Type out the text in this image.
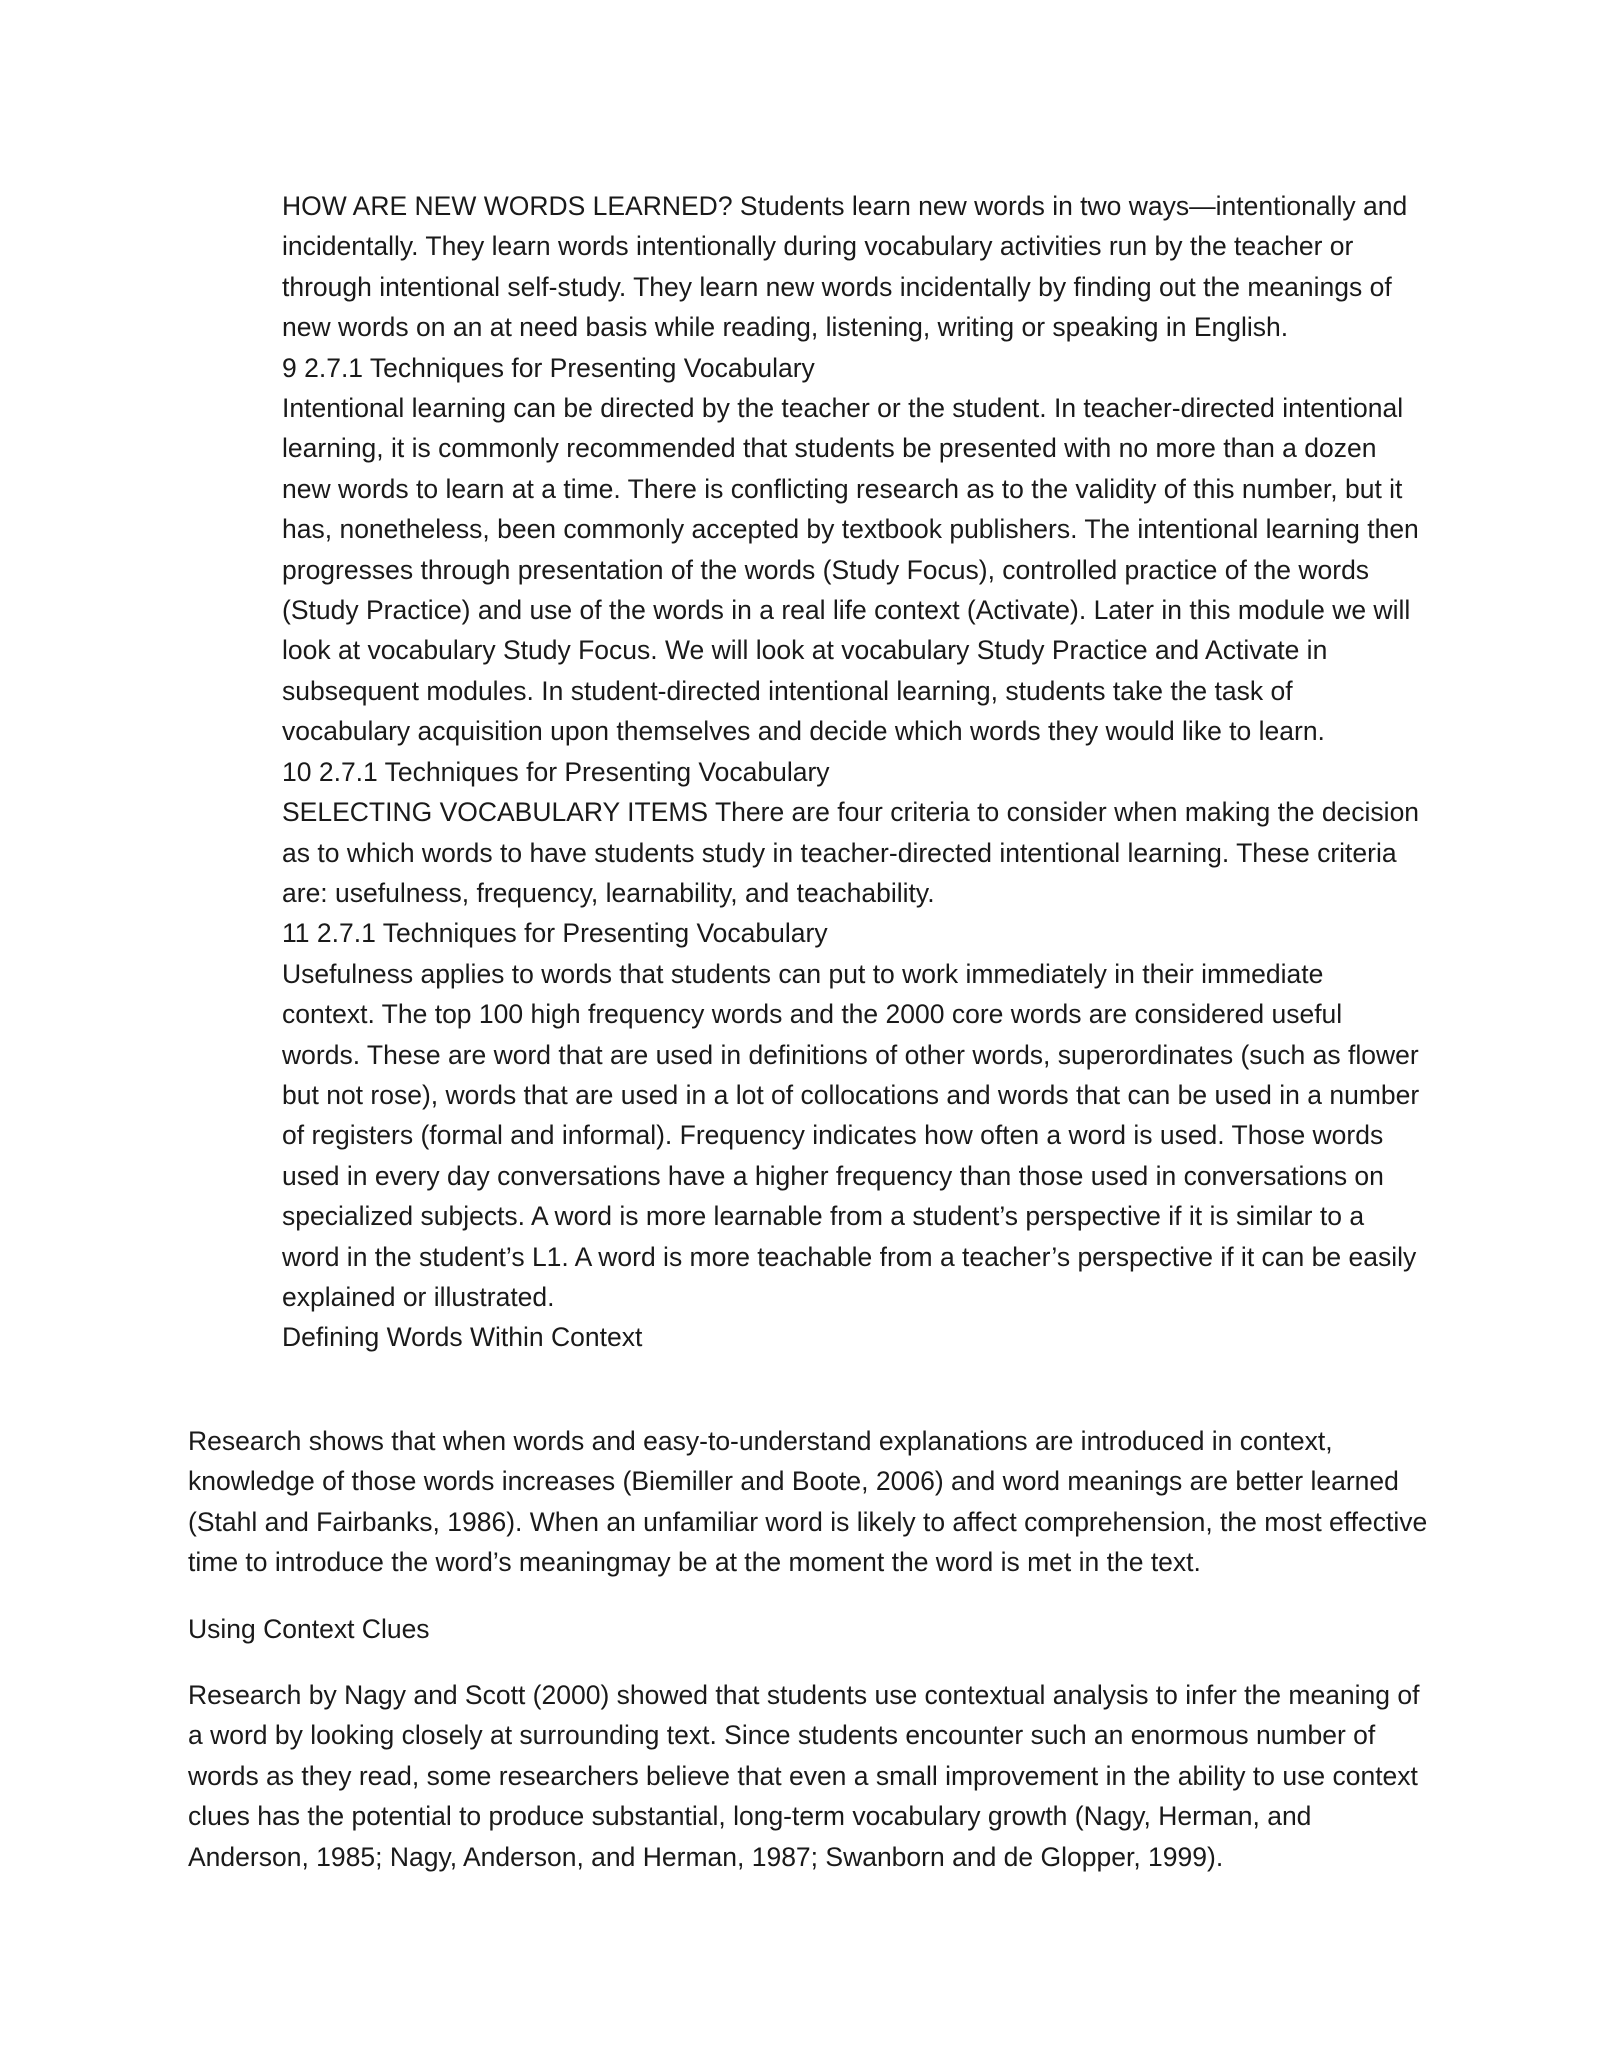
HOW ARE NEW WORDS LEARNED? Students learn new words in two ways—intentionally and incidentally. They learn words intentionally during vocabulary activities run by the teacher or through intentional self-study. They learn new words incidentally by finding out the meanings of new words on an at need basis while reading, listening, writing or speaking in English.

9 2.7.1 Techniques for Presenting Vocabulary

Intentional learning can be directed by the teacher or the student. In teacher-directed intentional learning, it is commonly recommended that students be presented with no more than a dozen new words to learn at a time. There is conflicting research as to the validity of this number, but it has, nonetheless, been commonly accepted by textbook publishers. The intentional learning then progresses through presentation of the words (Study Focus), controlled practice of the words (Study Practice) and use of the words in a real life context (Activate). Later in this module we will look at vocabulary Study Focus. We will look at vocabulary Study Practice and Activate in subsequent modules. In student-directed intentional learning, students take the task of vocabulary acquisition upon themselves and decide which words they would like to learn.

10 2.7.1 Techniques for Presenting Vocabulary

SELECTING VOCABULARY ITEMS There are four criteria to consider when making the decision as to which words to have students study in teacher-directed intentional learning. These criteria are: usefulness, frequency, learnability, and teachability.

11 2.7.1 Techniques for Presenting Vocabulary

Usefulness applies to words that students can put to work immediately in their immediate context. The top 100 high frequency words and the 2000 core words are considered useful words. These are word that are used in definitions of other words, superordinates (such as flower but not rose), words that are used in a lot of collocations and words that can be used in a number of registers (formal and informal). Frequency indicates how often a word is used. Those words used in every day conversations have a higher frequency than those used in conversations on specialized subjects. A word is more learnable from a student’s perspective if it is similar to a word in the student’s L1. A word is more teachable from a teacher’s perspective if it can be easily explained or illustrated.

Defining Words Within Context

Research shows that when words and easy-to-understand explanations are introduced in context, knowledge of those words increases (Biemiller and Boote, 2006) and word meanings are better learned (Stahl and Fairbanks, 1986). When an unfamiliar word is likely to affect comprehension, the most effective time to introduce the word’s meaningmay be at the moment the word is met in the text.

Using Context Clues

Research by Nagy and Scott (2000) showed that students use contextual analysis to infer the meaning of a word by looking closely at surrounding text. Since students encounter such an enormous number of words as they read, some researchers believe that even a small improvement in the ability to use context clues has the potential to produce substantial, long-term vocabulary growth (Nagy, Herman, and Anderson, 1985; Nagy, Anderson, and Herman, 1987; Swanborn and de Glopper, 1999).
